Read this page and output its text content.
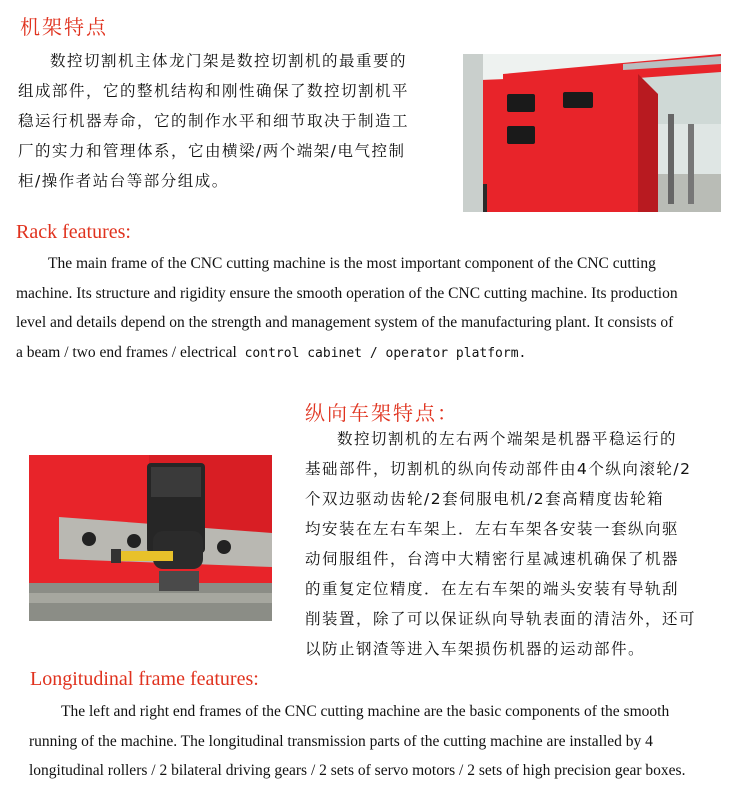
机架特点

数控切割机主体龙门架是数控切割机的最重要的

组成部件，它的整机结构和刚性确保了数控切割机平

稳运行机器寿命，它的制作水平和细节取决于制造工

厂的实力和管理体系，它由横梁/两个端架/电气控制

柜/操作者站台等部分组成。

Rack features:

The main frame of the CNC cutting machine is the most important component of the CNC cutting

machine. Its structure and rigidity ensure the smooth operation of the CNC cutting machine. Its production

level and details depend on the strength and management system of the manufacturing plant. It consists of

a beam / two end frames / electrical control cabinet / operator platform.

纵向车架特点：

数控切割机的左右两个端架是机器平稳运行的

基础部件，切割机的纵向传动部件由4个纵向滚轮/2

个双边驱动齿轮/2套伺服电机/2套高精度齿轮箱

均安装在左右车架上．左右车架各安装一套纵向驱

动伺服组件，台湾中大精密行星减速机确保了机器

的重复定位精度．在左右车架的端头安装有导轨刮

削装置，除了可以保证纵向导轨表面的清洁外，还可

以防止钢渣等进入车架损伤机器的运动部件。

Longitudinal frame features:

The left and right end frames of the CNC cutting machine are the basic components of the smooth

running of the machine. The longitudinal transmission parts of the cutting machine are installed by 4

longitudinal rollers / 2 bilateral driving gears / 2 sets of servo motors / 2 sets of high precision gear boxes.
